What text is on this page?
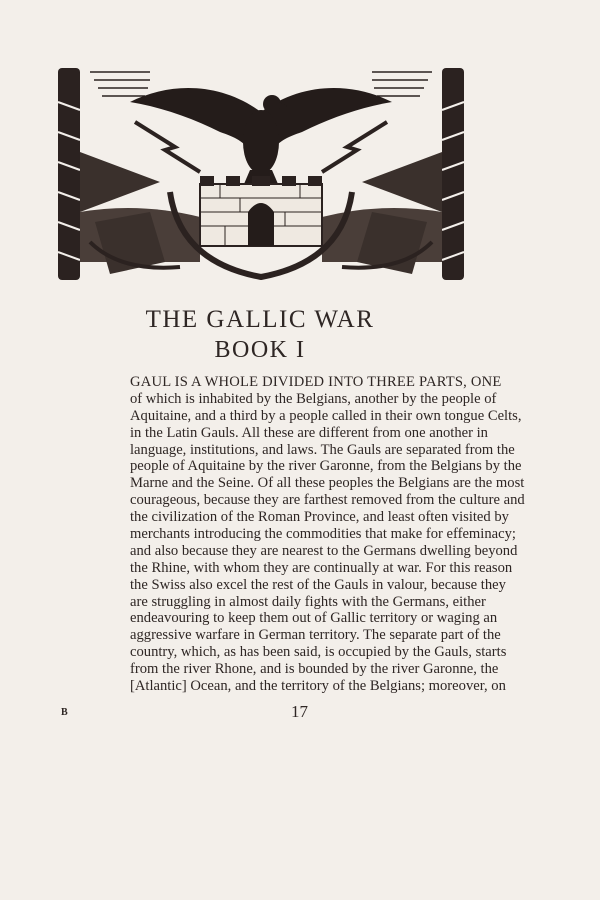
THE GALLIC WAR
BOOK I
GAUL IS A WHOLE DIVIDED INTO THREE PARTS, ONE
of which is inhabited by the Belgians, another by the people of
Aquitaine, and a third by a people called in their own tongue Celts,
in the Latin Gauls. All these are different from one another in
language, institutions, and laws. The Gauls are separated from the
people of Aquitaine by the river Garonne, from the Belgians by the
Marne and the Seine. Of all these peoples the Belgians are the most
courageous, because they are farthest removed from the culture and
the civilization of the Roman Province, and least often visited by
merchants introducing the commodities that make for effeminacy;
and also because they are nearest to the Germans dwelling beyond
the Rhine, with whom they are continually at war. For this reason
the Swiss also excel the rest of the Gauls in valour, because they
are struggling in almost daily fights with the Germans, either
endeavouring to keep them out of Gallic territory or waging an
aggressive warfare in German territory. The separate part of the
country, which, as has been said, is occupied by the Gauls, starts
from the river Rhone, and is bounded by the river Garonne, the
[Atlantic] Ocean, and the territory of the Belgians; moreover, on
B	17
